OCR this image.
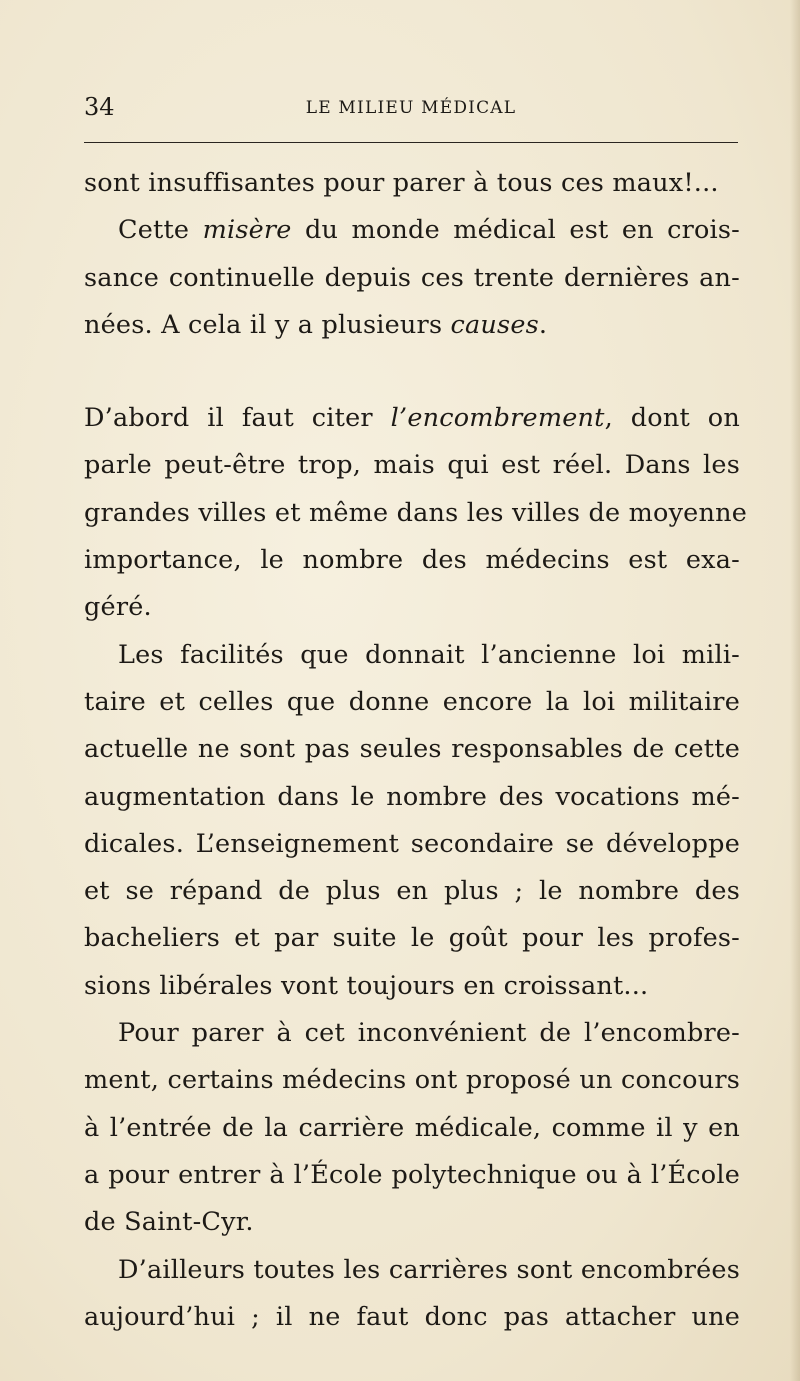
34	LE MILIEU MÉDICAL
sont insuffisantes pour parer à tous ces maux!...
Cette misère du monde médical est en crois-
sance continuelle depuis ces trente dernières an-
nées. A cela il y a plusieurs causes.
D’abord il faut citer l’encombrement, dont on
parle peut-être trop, mais qui est réel. Dans les
grandes villes et même dans les villes de moyenne
importance, le nombre des médecins est exa-
géré.
Les facilités que donnait l’ancienne loi mili-
taire et celles que donne encore la loi militaire
actuelle ne sont pas seules responsables de cette
augmentation dans le nombre des vocations mé-
dicales. L’enseignement secondaire se développe
et se répand de plus en plus ; le nombre des
bacheliers et par suite le goût pour les profes-
sions libérales vont toujours en croissant...
Pour parer à cet inconvénient de l’encombre-
ment, certains médecins ont proposé un concours
à l’entrée de la carrière médicale, comme il y en
a pour entrer à l’École polytechnique ou à l’École
de Saint-Cyr.
D’ailleurs toutes les carrières sont encombrées
aujourd’hui ; il ne faut donc pas attacher une
